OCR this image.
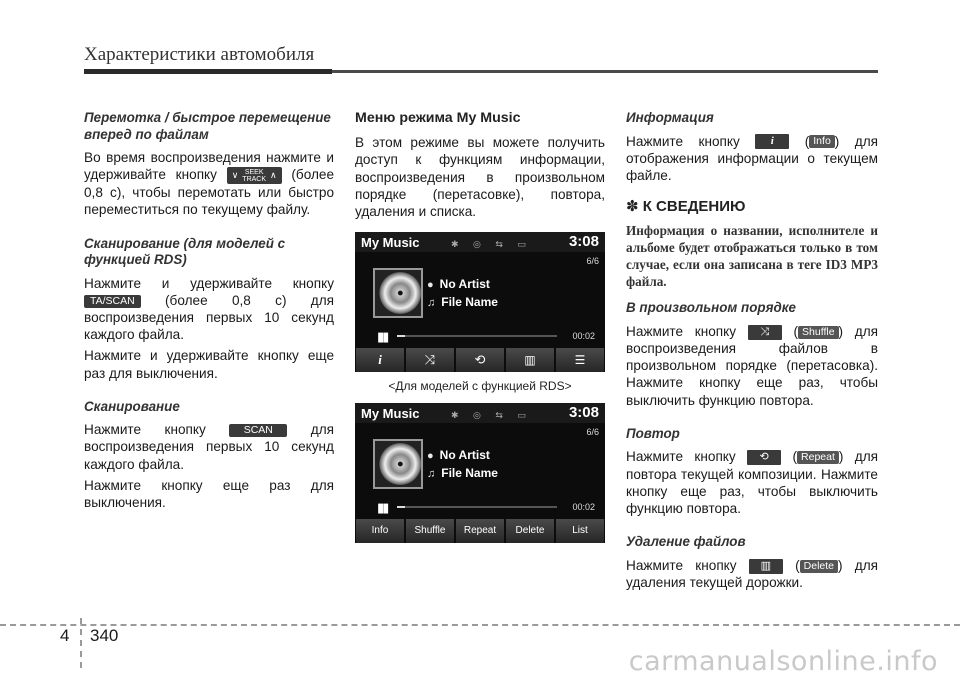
Характеристики автомобиля
Перемотка / быстрое перемещение вперед по файлам

Во время воспроизведения нажмите и удерживайте кнопку ∨ SEEK
TRACK ∧ (более 0,8 с), чтобы перемотать или быстро переместиться по текущему файлу.

Сканирование (для моделей с функцией RDS)

Нажмите и удерживайте кнопку TA/SCAN (более 0,8 с) для воспроизведения первых 10 секунд каждого файла.

Нажмите и удерживайте кнопку еще раз для выключения.

Сканирование

Нажмите кнопку	SCAN	для воспроизведения первых 10 секунд каждого файла.

Нажмите кнопку еще раз для выключения.

Меню режима My Music

В этом режиме вы можете получить доступ к функциям информации, воспроизведения в произвольном порядке (перетасовке), повтора, удаления и списка.

My Music	✱ ◎ ⇆ ▭ 3:08
6/6
● No Artist
♫ File Name
▮▮	00:02
i	⤨	⟲	▥	☰
<Для моделей с функцией RDS>
My Music	✱ ◎ ⇆ ▭ 3:08
6/6
● No Artist
♫ File Name
▮▮	00:02
Info	Shuffle	Repeat	Delete	List
Информация

Нажмите кнопку	i ( Info ) для отображения информации о текущем файле.

✽ К СВЕДЕНИЮ
Информация о названии, исполнителе и альбоме будет отображаться только в том случае, если она записана в теге ID3 MP3 файла.
В произвольном порядке

Нажмите кнопку ⤨ ( Shuffle ) для воспроизведения файлов в произвольном порядке (перетасовка). Нажмите кнопку еще раз, чтобы выключить функцию повтора.

Повтор

Нажмите кнопку ⟲ ( Repeat ) для повтора текущей композиции. Нажмите кнопку еще раз, чтобы выключить функцию повтора.

Удаление файлов

Нажмите кнопку ▥ ( Delete ) для удаления текущей дорожки.

4 340
carmanualsonline.info
